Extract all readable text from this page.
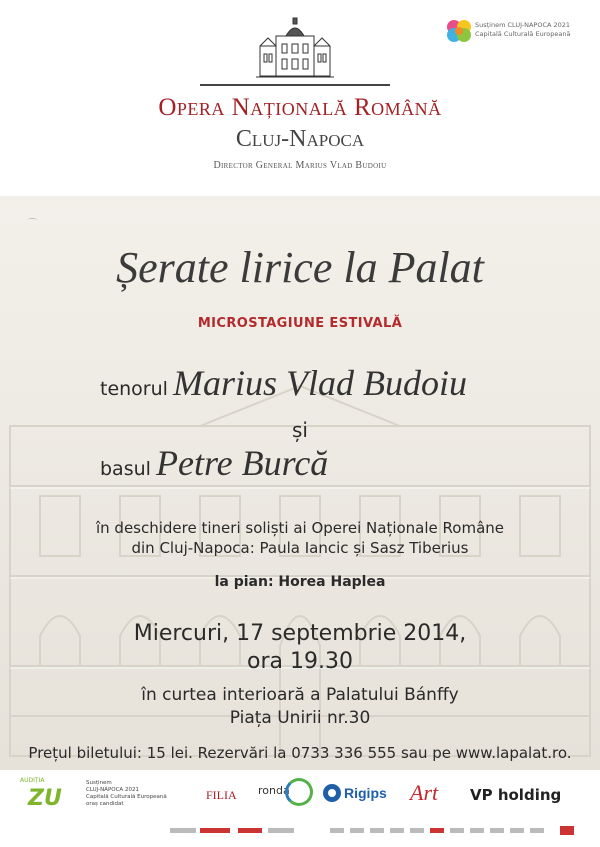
Opera Națională Română
Cluj-Napoca
Director General Marius Vlad Budoiu
Susținem CLUJ-NAPOCA 2021
Capitală Culturală Europeană
⌒
Șerate lirice la Palat
MICROSTAGIUNE ESTIVALĂ
tenorul Marius Vlad Budoiu
și
basul Petre Burcă
în deschidere tineri soliști ai Operei Naționale Române
din Cluj-Napoca: Paula Iancic și Sasz Tiberius
la pian: Horea Haplea
Miercuri, 17 septembrie 2014,
ora 19.30
în curtea interioară a Palatului Bánffy
Piața Unirii nr.30
Prețul biletului: 15 lei. Rezervări la 0733 336 555 sau pe www.lapalat.ro.
AUDIȚIA
ZU
Susținem
CLUJ-NAPOCA 2021
Capitală Culturală Europeană
oraș candidat
FILIA ronda	Rigips Art VP holding
